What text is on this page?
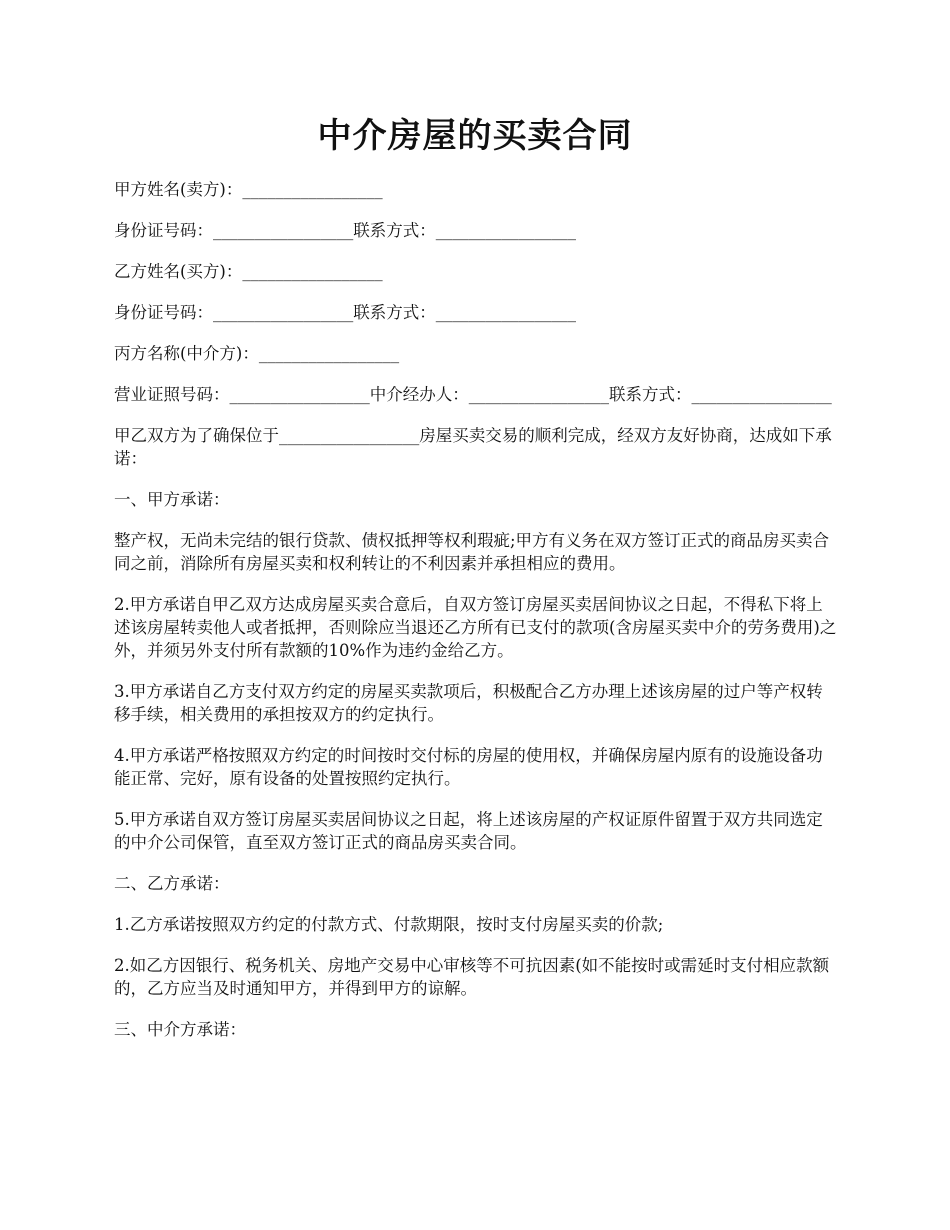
中介房屋的买卖合同

甲方姓名(卖方)：_________________

身份证号码：_________________联系方式：_________________

乙方姓名(买方)：_________________

身份证号码：_________________联系方式：_________________

丙方名称(中介方)：_________________

营业证照号码：_________________中介经办人：_________________联系方式：_________________

甲乙双方为了确保位于_________________房屋买卖交易的顺利完成，经双方友好协商，达成如下承诺：

一、甲方承诺：

整产权，无尚未完结的银行贷款、债权抵押等权利瑕疵;甲方有义务在双方签订正式的商品房买卖合同之前，消除所有房屋买卖和权利转让的不利因素并承担相应的费用。

2.甲方承诺自甲乙双方达成房屋买卖合意后，自双方签订房屋买卖居间协议之日起，不得私下将上述该房屋转卖他人或者抵押，否则除应当退还乙方所有已支付的款项(含房屋买卖中介的劳务费用)之外，并须另外支付所有款额的10%作为违约金给乙方。

3.甲方承诺自乙方支付双方约定的房屋买卖款项后，积极配合乙方办理上述该房屋的过户等产权转移手续，相关费用的承担按双方的约定执行。

4.甲方承诺严格按照双方约定的时间按时交付标的房屋的使用权，并确保房屋内原有的设施设备功能正常、完好，原有设备的处置按照约定执行。

5.甲方承诺自双方签订房屋买卖居间协议之日起，将上述该房屋的产权证原件留置于双方共同选定的中介公司保管，直至双方签订正式的商品房买卖合同。

二、乙方承诺：

1.乙方承诺按照双方约定的付款方式、付款期限，按时支付房屋买卖的价款;

2.如乙方因银行、税务机关、房地产交易中心审核等不可抗因素(如不能按时或需延时支付相应款额的，乙方应当及时通知甲方，并得到甲方的谅解。

三、中介方承诺：
